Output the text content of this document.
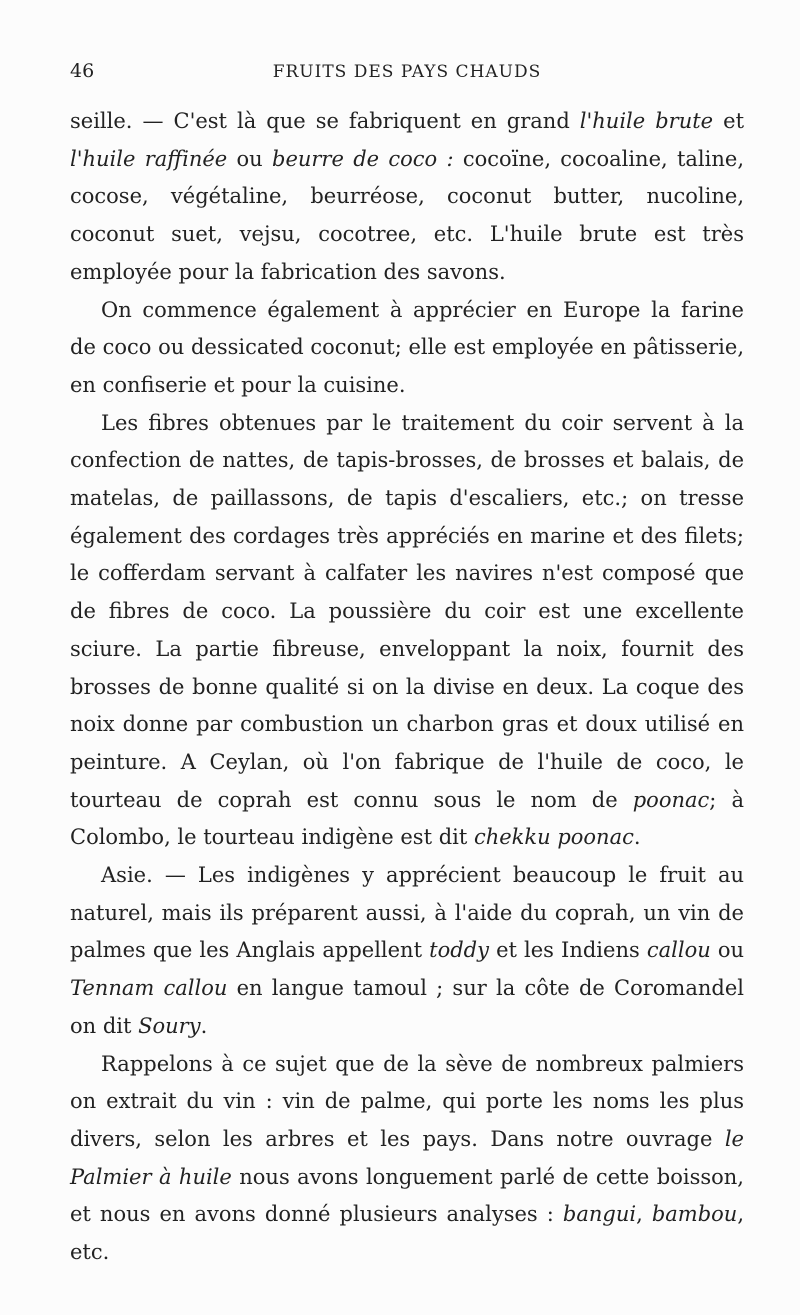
46	FRUITS DES PAYS CHAUDS

seille. — C'est là que se fabriquent en grand l'huile brute et l'huile raffinée ou beurre de coco : cocoïne, cocoaline, taline, cocose, végétaline, beurréose, coconut butter, nucoline, coconut suet, vejsu, cocotree, etc. L'huile brute est très employée pour la fabrication des savons.

On commence également à apprécier en Europe la farine de coco ou dessicated coconut; elle est employée en pâtisserie, en confiserie et pour la cuisine.

Les fibres obtenues par le traitement du coir servent à la confection de nattes, de tapis-brosses, de brosses et balais, de matelas, de paillassons, de tapis d'escaliers, etc.; on tresse également des cordages très appréciés en marine et des filets; le cofferdam servant à calfater les navires n'est composé que de fibres de coco. La poussière du coir est une excellente sciure. La partie fibreuse, enveloppant la noix, fournit des brosses de bonne qualité si on la divise en deux. La coque des noix donne par combustion un charbon gras et doux utilisé en peinture. A Ceylan, où l'on fabrique de l'huile de coco, le tourteau de coprah est connu sous le nom de poonac; à Colombo, le tourteau indigène est dit chekku poonac.

Asie. — Les indigènes y apprécient beaucoup le fruit au naturel, mais ils préparent aussi, à l'aide du coprah, un vin de palmes que les Anglais appellent toddy et les Indiens callou ou Tennam callou en langue tamoul ; sur la côte de Coromandel on dit Soury.

Rappelons à ce sujet que de la sève de nombreux palmiers on extrait du vin : vin de palme, qui porte les noms les plus divers, selon les arbres et les pays. Dans notre ouvrage le Palmier à huile nous avons longuement parlé de cette boisson, et nous en avons donné plusieurs analyses : bangui, bambou, etc.
